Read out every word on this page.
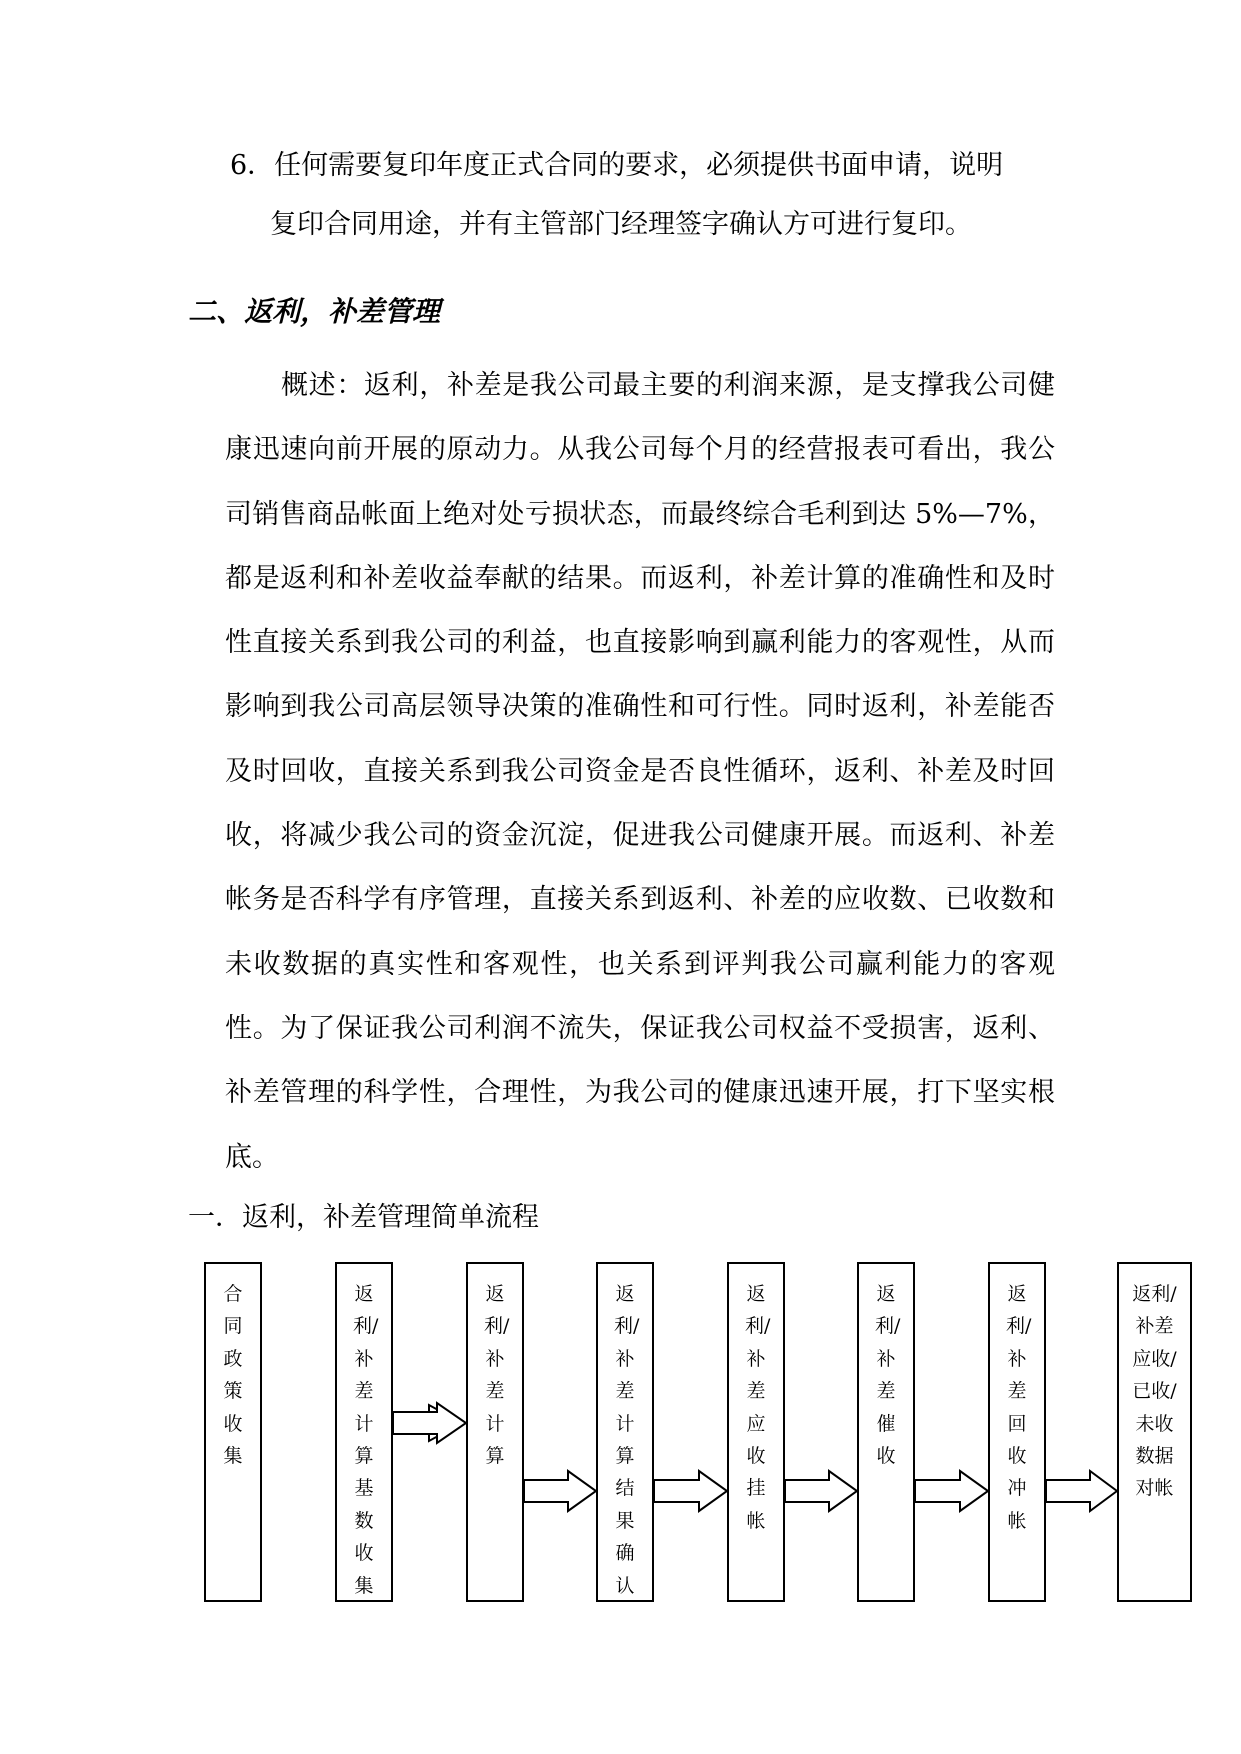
6．任何需要复印年度正式合同的要求，必须提供书面申请，说明
复印合同用途，并有主管部门经理签字确认方可进行复印。
二、返利，补差管理

概述：返利，补差是我公司最主要的利润来源，是支撑我公司健康迅速向前开展的原动力。从我公司每个月的经营报表可看出，我公司销售商品帐面上绝对处亏损状态，而最终综合毛利到达 5%—7%，都是返利和补差收益奉献的结果。而返利，补差计算的准确性和及时性直接关系到我公司的利益，也直接影响到赢利能力的客观性，从而影响到我公司高层领导决策的准确性和可行性。同时返利，补差能否及时回收，直接关系到我公司资金是否良性循环，返利、补差及时回收，将减少我公司的资金沉淀，促进我公司健康开展。而返利、补差帐务是否科学有序管理，直接关系到返利、补差的应收数、已收数和未收数据的真实性和客观性，也关系到评判我公司赢利能力的客观性。为了保证我公司利润不流失，保证我公司权益不受损害，返利、补差管理的科学性，合理性，为我公司的健康迅速开展，打下坚实根底。

一．返利，补差管理简单流程
合同政策收集
返利/补差计算基数收集
返利/补差计算
返利/补差计算结果确认
返利/补差应收挂帐
返利/补差催收
返利/补差回收冲帐
返利/补差应收/已收/未收数据对帐
